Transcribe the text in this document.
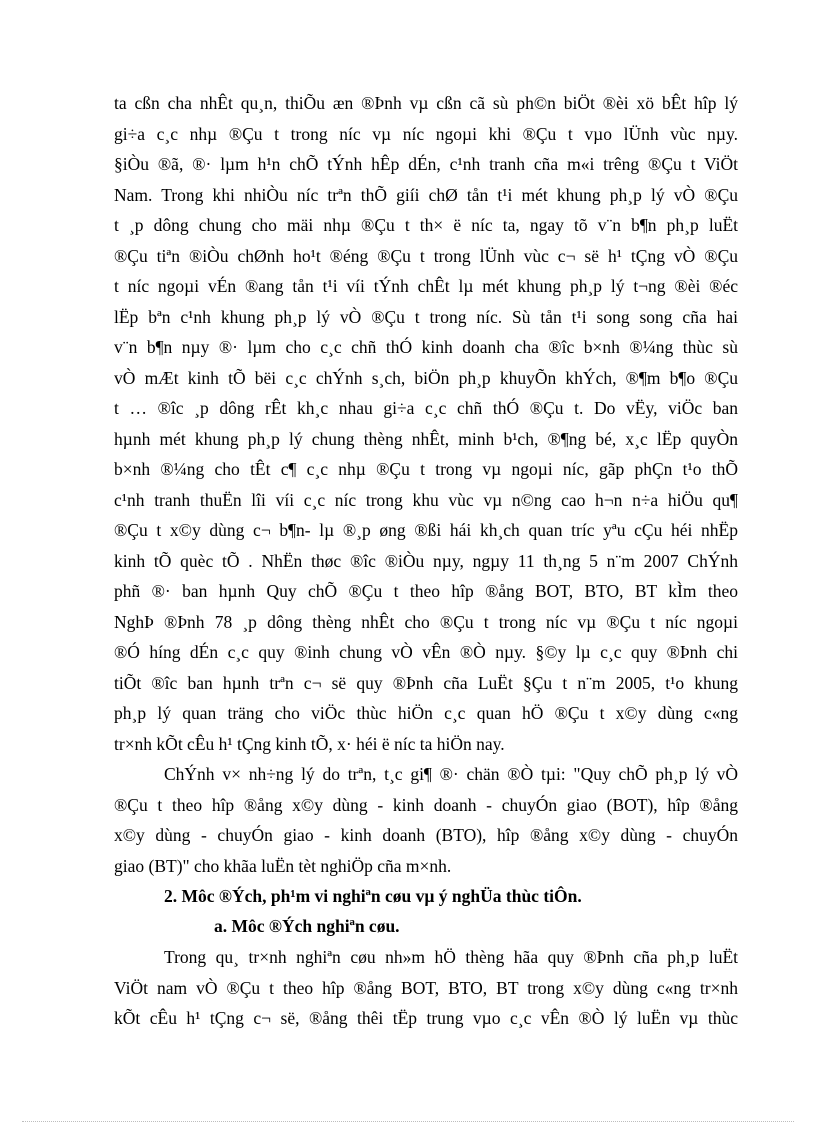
ta cßn cha nhÊt qu¸n, thiÕu æn ®Þnh vµ cßn cã sù ph©n biÖt ®èi xö bÊt hîp lý
gi÷a c¸c nhµ ®Çu t trong níc vµ níc ngoµi khi ®Çu t vµo lÜnh vùc nµy.
§iÒu ®ã, ®· lµm h¹n chÕ tÝnh hÊp dÉn, c¹nh tranh cña m«i trêng ®Çu t ViÖt
Nam. Trong khi nhiÒu níc trªn thÕ giíi chØ tån t¹i mét khung ph¸p lý vÒ ®Çu
t ¸p dông chung cho mäi nhµ ®Çu t th× ë níc ta, ngay tõ v¨n b¶n ph¸p luËt
®Çu tiªn ®iÒu chØnh ho¹t ®éng ®Çu t trong lÜnh vùc c¬ së h¹ tÇng vÒ ®Çu
t níc ngoµi vÉn ®ang tån t¹i víi tÝnh chÊt lµ mét khung ph¸p lý t¬ng ®èi ®éc
lËp bªn c¹nh khung ph¸p lý vÒ ®Çu t trong níc. Sù tån t¹i song song cña hai
v¨n b¶n nµy ®· lµm cho c¸c chñ thÓ kinh doanh cha ®îc b×nh ®¼ng thùc sù
vÒ mÆt kinh tÕ bëi c¸c chÝnh s¸ch, biÖn ph¸p khuyÕn khÝch, ®¶m b¶o ®Çu
t … ®îc ¸p dông rÊt kh¸c nhau gi÷a c¸c chñ thÓ ®Çu t. Do vËy, viÖc ban
hµnh mét khung ph¸p lý chung thèng nhÊt, minh b¹ch, ®¶ng bé, x¸c lËp quyÒn
b×nh ®¼ng cho tÊt c¶ c¸c nhµ ®Çu t trong vµ ngoµi níc, gãp phÇn t¹o thÕ
c¹nh tranh thuËn lîi víi c¸c níc trong khu vùc vµ n©ng cao h¬n n÷a hiÖu qu¶
®Çu t x©y dùng c¬ b¶n- lµ ®¸p øng ®ßi hái kh¸ch quan tríc yªu cÇu héi nhËp
kinh tÕ quèc tÕ . NhËn thøc ®îc ®iÒu nµy, ngµy 11 th¸ng 5 n¨m 2007 ChÝnh
phñ ®· ban hµnh Quy chÕ ®Çu t theo hîp ®ång BOT, BTO, BT kÌm theo
NghÞ ®Þnh 78 ¸p dông thèng nhÊt cho ®Çu t trong níc vµ ®Çu t níc ngoµi
®Ó híng dÉn c¸c quy ®inh chung vÒ vÊn ®Ò nµy. §©y lµ c¸c quy ®Þnh chi
tiÕt ®îc ban hµnh trªn c¬ së quy ®Þnh cña LuËt §Çu t n¨m 2005, t¹o khung
ph¸p lý quan träng cho viÖc thùc hiÖn c¸c quan hÖ ®Çu t x©y dùng c«ng
tr×nh kÕt cÊu h¹ tÇng kinh tÕ, x· héi ë níc ta hiÖn nay.
ChÝnh v× nh÷ng lý do trªn, t¸c gi¶ ®· chän ®Ò tµi: "Quy chÕ ph¸p lý vÒ
®Çu t theo hîp ®ång x©y dùng - kinh doanh - chuyÓn giao (BOT), hîp ®ång
x©y dùng - chuyÓn giao - kinh doanh (BTO), hîp ®ång x©y dùng - chuyÓn
giao (BT)" cho khãa luËn tèt nghiÖp cña m×nh.
2. Môc ®Ých, ph¹m vi nghiªn cøu vµ ý nghÜa thùc tiÔn.
a. Môc ®Ých nghiªn cøu.
Trong qu¸ tr×nh nghiªn cøu nh»m hÖ thèng hãa quy ®Þnh cña ph¸p luËt
ViÖt nam vÒ ®Çu t theo hîp ®ång BOT, BTO, BT trong x©y dùng c«ng tr×nh
kÕt cÊu h¹ tÇng c¬ së, ®ång thêi tËp trung vµo c¸c vÊn ®Ò lý luËn vµ thùc
